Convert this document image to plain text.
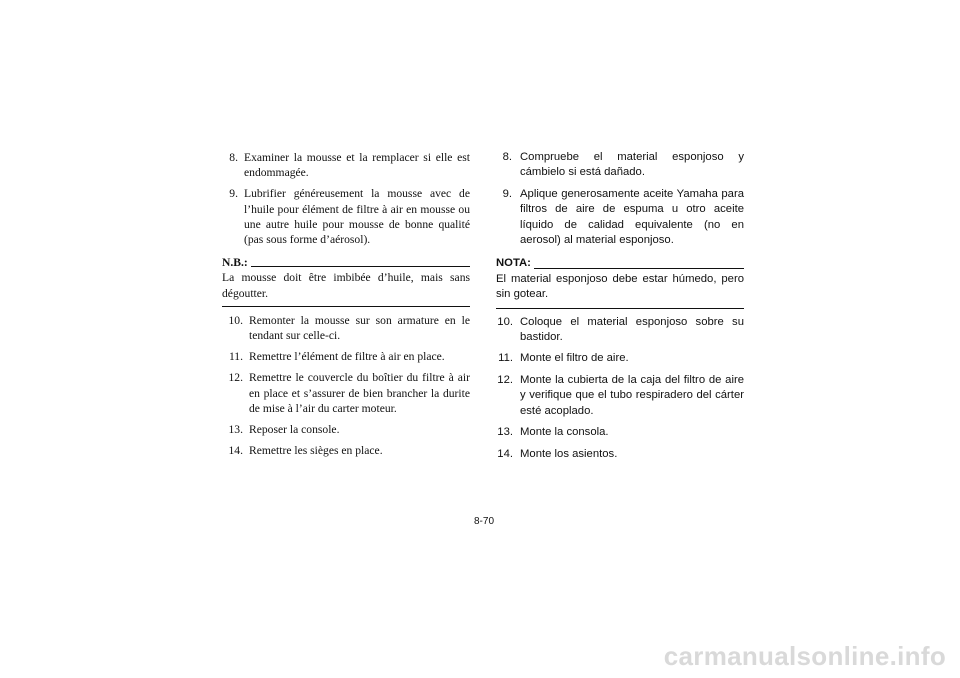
8. Examiner la mousse et la remplacer si elle est endommagée.
9. Lubrifier généreusement la mousse avec de l’huile pour élément de filtre à air en mousse ou une autre huile pour mousse de bonne qualité (pas sous forme d’aérosol).
N.B.:
La mousse doit être imbibée d’huile, mais sans dégoutter.
10. Remonter la mousse sur son armature en le tendant sur celle-ci.
11. Remettre l’élément de filtre à air en place.
12. Remettre le couvercle du boîtier du filtre à air en place et s’assurer de bien brancher la durite de mise à l’air du carter moteur.
13. Reposer la console.
14. Remettre les sièges en place.
8. Compruebe el material esponjoso y cámbielo si está dañado.
9. Aplique generosamente aceite Yamaha para filtros de aire de espuma u otro aceite líquido de calidad equivalente (no en aerosol) al material esponjoso.
NOTA:
El material esponjoso debe estar húmedo, pero sin gotear.
10. Coloque el material esponjoso sobre su bastidor.
11. Monte el filtro de aire.
12. Monte la cubierta de la caja del filtro de aire y verifique que el tubo respiradero del cárter esté acoplado.
13. Monte la consola.
14. Monte los asientos.
8-70
carmanualsonline.info
